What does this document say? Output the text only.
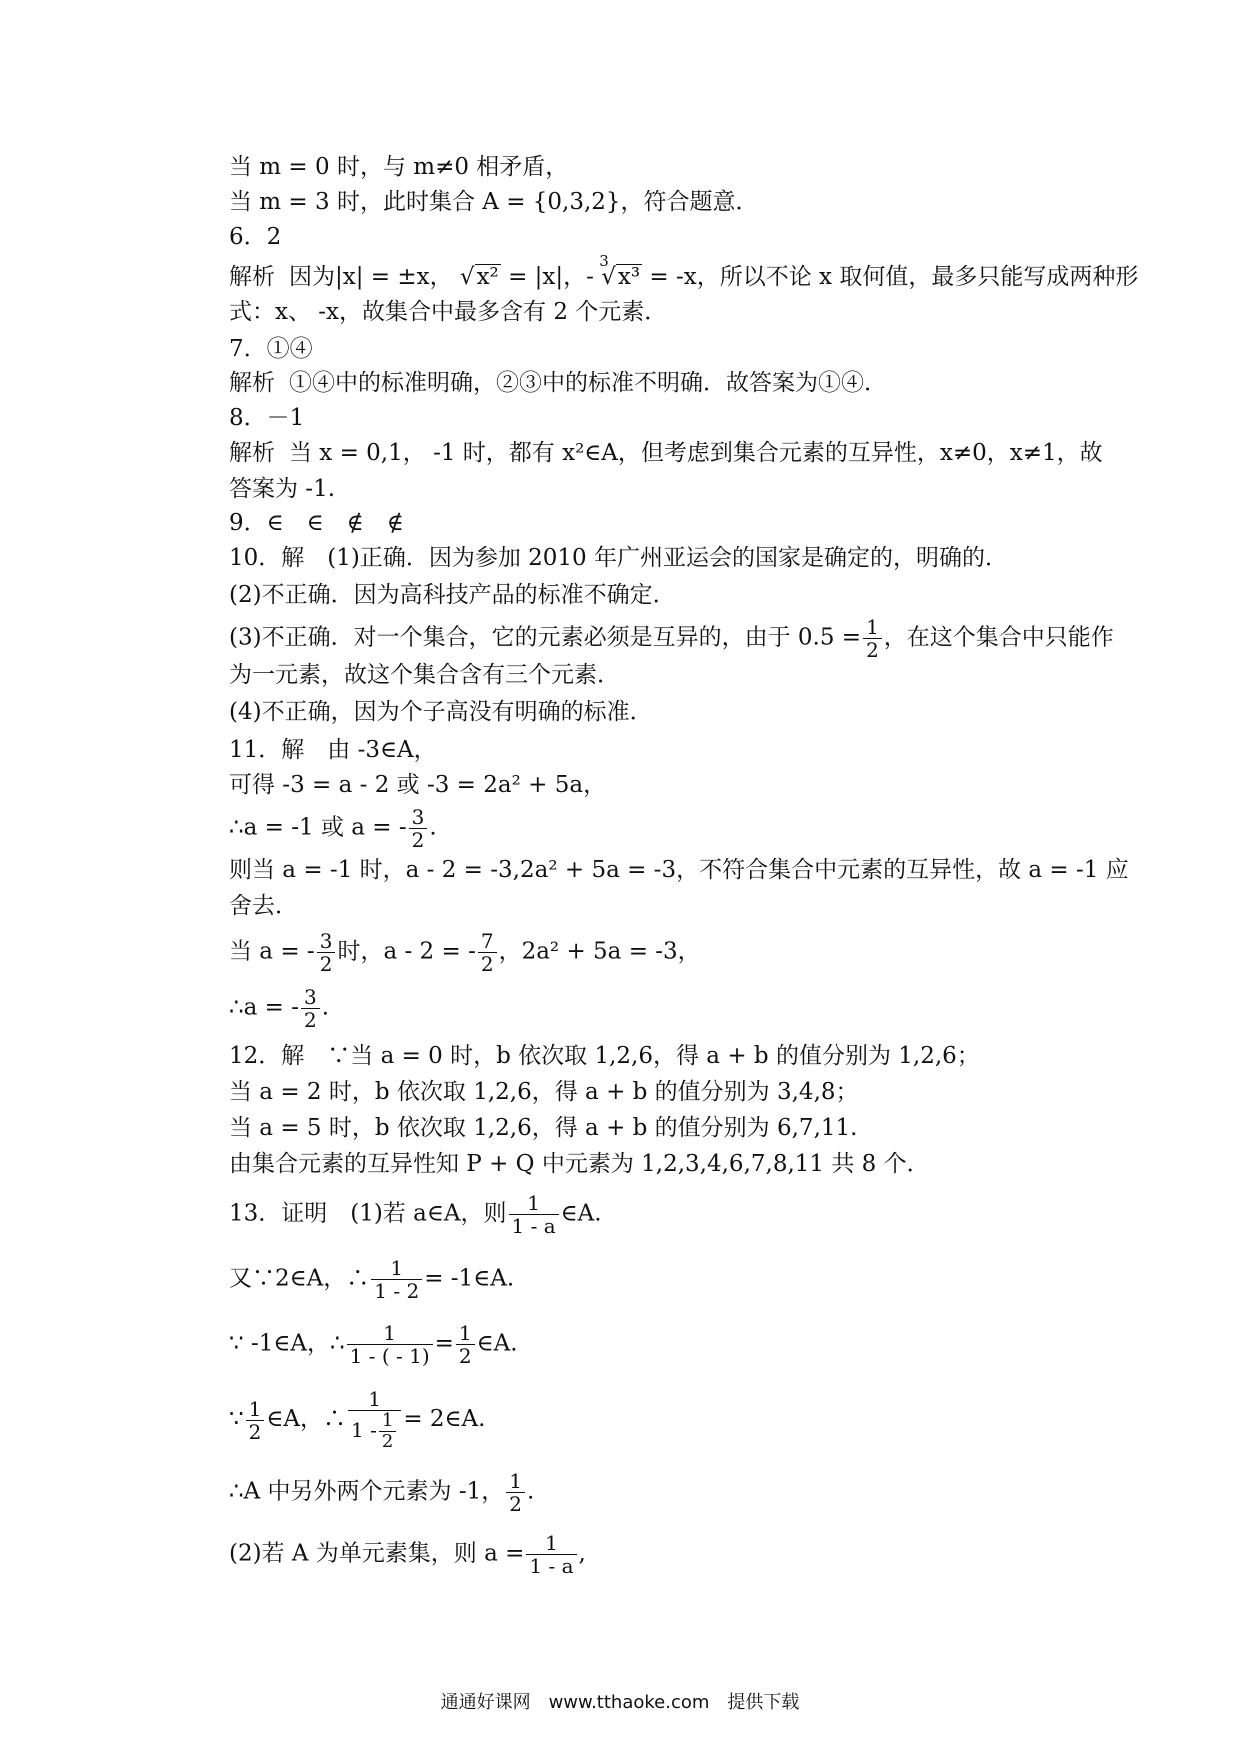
当 m = 0 时，与 m≠0 相矛盾，
当 m = 3 时，此时集合 A = {0,3,2}，符合题意．
6．2
解析 因为|x| = ±x， √x² = |x|，-
3
√x³ = -x，所以不论 x 取何值，最多只能写成两种形
式：x、 -x，故集合中最多含有 2 个元素．
7．①④
解析 ①④中的标准明确，②③中的标准不明确．故答案为①④．
8．－1
解析 当 x = 0,1， -1 时，都有 x²∈A，但考虑到集合元素的互异性，x≠0，x≠1，故
答案为 -1.
9．∈　∈　∉　∉
10．解　(1)正确．因为参加 2010 年广州亚运会的国家是确定的，明确的．
(2)不正确．因为高科技产品的标准不确定．
(3)不正确．对一个集合，它的元素必须是互异的，由于 $0.5 = \frac{1}{2}$ ，在这个集合中只能作
为一元素，故这个集合含有三个元素．
(4)不正确，因为个子高没有明确的标准．
11．解　由 -3∈A，
可得 -3 = a - 2 或 -3 = 2a² + 5a，
∴a = -1 或 a = - $\frac{3}{2}$ .
则当 a = -1 时，a - 2 = -3,2a² + 5a = -3，不符合集合中元素的互异性，故 a = -1 应
舍去．
当 a = - $\frac{3}{2}$ 时，a - 2 = - $\frac{7}{2}$ ，2a² + 5a = -3，
∴a = - $\frac{3}{2}$ .
12．解　∵当 a = 0 时，b 依次取 1,2,6，得 a + b 的值分别为 1,2,6；
当 a = 2 时，b 依次取 1,2,6，得 a + b 的值分别为 3,4,8；
当 a = 5 时，b 依次取 1,2,6，得 a + b 的值分别为 6,7,11.
由集合元素的互异性知 P + Q 中元素为 1,2,3,4,6,7,8,11 共 8 个．
13．证明　(1)若 a∈A，则 $\frac{1}{1 - a}$ ∈A.
又∵2∈A，∴ $\frac{1}{1 - 2}$ = -1∈A.
∵ -1∈A，∴ $\frac{1}{1 - ( - 1)} = \frac{1}{2}$ ∈A.
∵ $\frac{1}{2}$ ∈A，∴ $\frac{1}{1 - \frac{1}{2}}$ = 2∈A.
∴A 中另外两个元素为 -1， $\frac{1}{2}$ .
(2)若 A 为单元素集，则 $a = \frac{1}{1 - a}$ ,
通通好课网　www.tthaoke.com　提供下载
